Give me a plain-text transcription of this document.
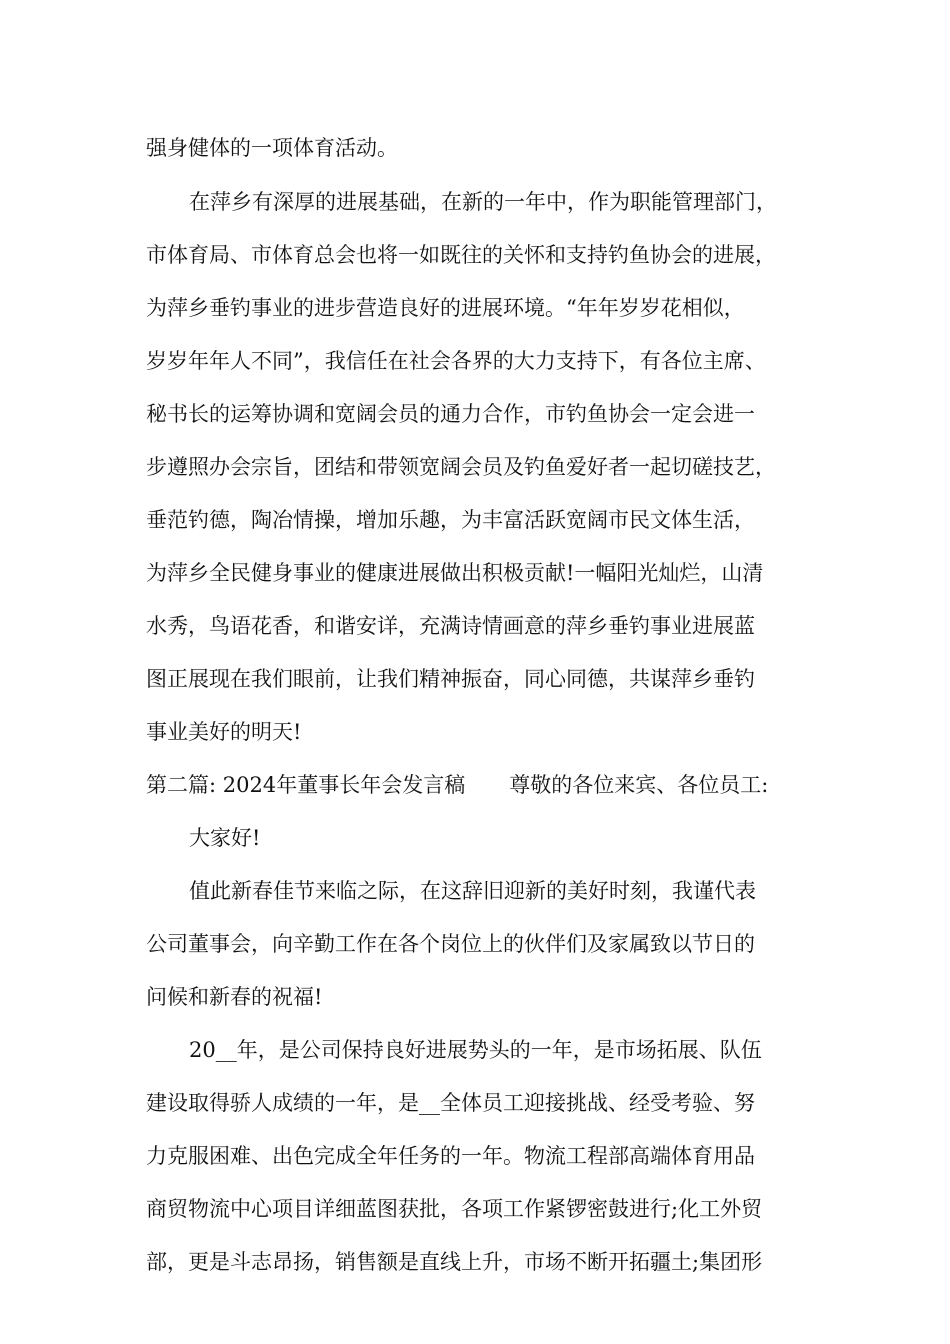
强身健体的一项体育活动。
在萍乡有深厚的进展基础，在新的一年中，作为职能管理部门，
市体育局、市体育总会也将一如既往的关怀和支持钓鱼协会的进展，
为萍乡垂钓事业的进步营造良好的进展环境。“年年岁岁花相似，
岁岁年年人不同”，我信任在社会各界的大力支持下，有各位主席、
秘书长的运筹协调和宽阔会员的通力合作，市钓鱼协会一定会进一
步遵照办会宗旨，团结和带领宽阔会员及钓鱼爱好者一起切磋技艺，
垂范钓德，陶冶情操，增加乐趣，为丰富活跃宽阔市民文体生活，
为萍乡全民健身事业的健康进展做出积极贡献!一幅阳光灿烂，山清
水秀，鸟语花香，和谐安详，充满诗情画意的萍乡垂钓事业进展蓝
图正展现在我们眼前，让我们精神振奋，同心同德，共谋萍乡垂钓
事业美好的明天!
第二篇: 2024年董事长年会发言稿 尊敬的各位来宾、各位员工:
大家好!
值此新春佳节来临之际，在这辞旧迎新的美好时刻，我谨代表
公司董事会，向辛勤工作在各个岗位上的伙伴们及家属致以节日的
问候和新春的祝福!
20__年，是公司保持良好进展势头的一年，是市场拓展、队伍
建设取得骄人成绩的一年，是__全体员工迎接挑战、经受考验、努
力克服困难、出色完成全年任务的一年。物流工程部高端体育用品
商贸物流中心项目详细蓝图获批，各项工作紧锣密鼓进行;化工外贸
部，更是斗志昂扬，销售额是直线上升，市场不断开拓疆土;集团形
